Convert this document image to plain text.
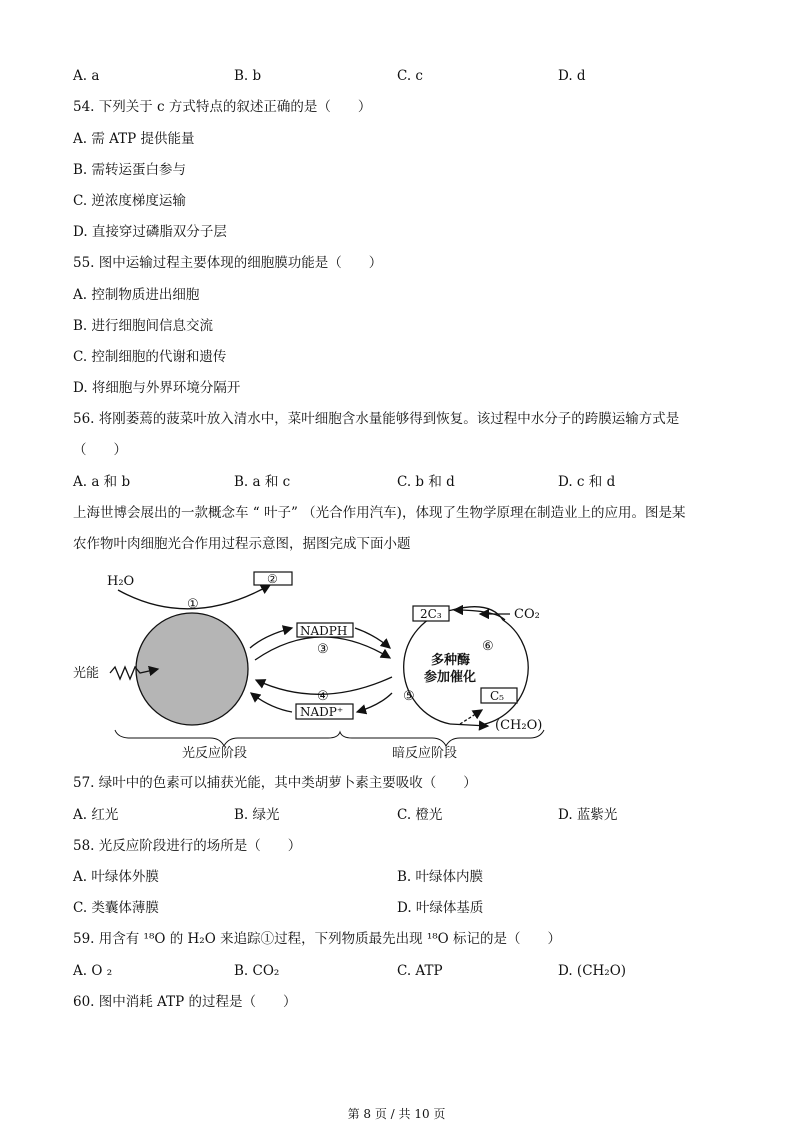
A. a	B. b	C. c	D. d
54. 下列关于 c 方式特点的叙述正确的是（　　）
A. 需 ATP 提供能量
B. 需转运蛋白参与
C. 逆浓度梯度运输
D. 直接穿过磷脂双分子层
55. 图中运输过程主要体现的细胞膜功能是（　　）
A. 控制物质进出细胞
B. 进行细胞间信息交流
C. 控制细胞的代谢和遗传
D. 将细胞与外界环境分隔开
56. 将刚萎蔫的菠菜叶放入清水中，菜叶细胞含水量能够得到恢复。该过程中水分子的跨膜运输方式是
（　　）
A. a 和 b	B. a 和 c	C. b 和 d	D. c 和 d
上海世博会展出的一款概念车 “ 叶子” （光合作用汽车)，体现了生物学原理在制造业上的应用。图是某
农作物叶肉细胞光合作用过程示意图，据图完成下面小题
H₂O	②
①
光能
NADPH
③
④
NADP⁺
2C₃	CO₂
⑥
多种酶
参加催化
⑤	C₅
(CH₂O)
光反应阶段	暗反应阶段
57. 绿叶中的色素可以捕获光能，其中类胡萝卜素主要吸收（　　）
A. 红光	B. 绿光	C. 橙光	D. 蓝紫光
58. 光反应阶段进行的场所是（　　）
A. 叶绿体外膜	B. 叶绿体内膜
C. 类囊体薄膜	D. 叶绿体基质
59. 用含有 ¹⁸O 的 H₂O 来追踪①过程，下列物质最先出现 ¹⁸O 标记的是（　　）
A. O ₂	B. CO₂	C. ATP	D. (CH₂O)
60. 图中消耗 ATP 的过程是（　　）
第 8 页 / 共 10 页
